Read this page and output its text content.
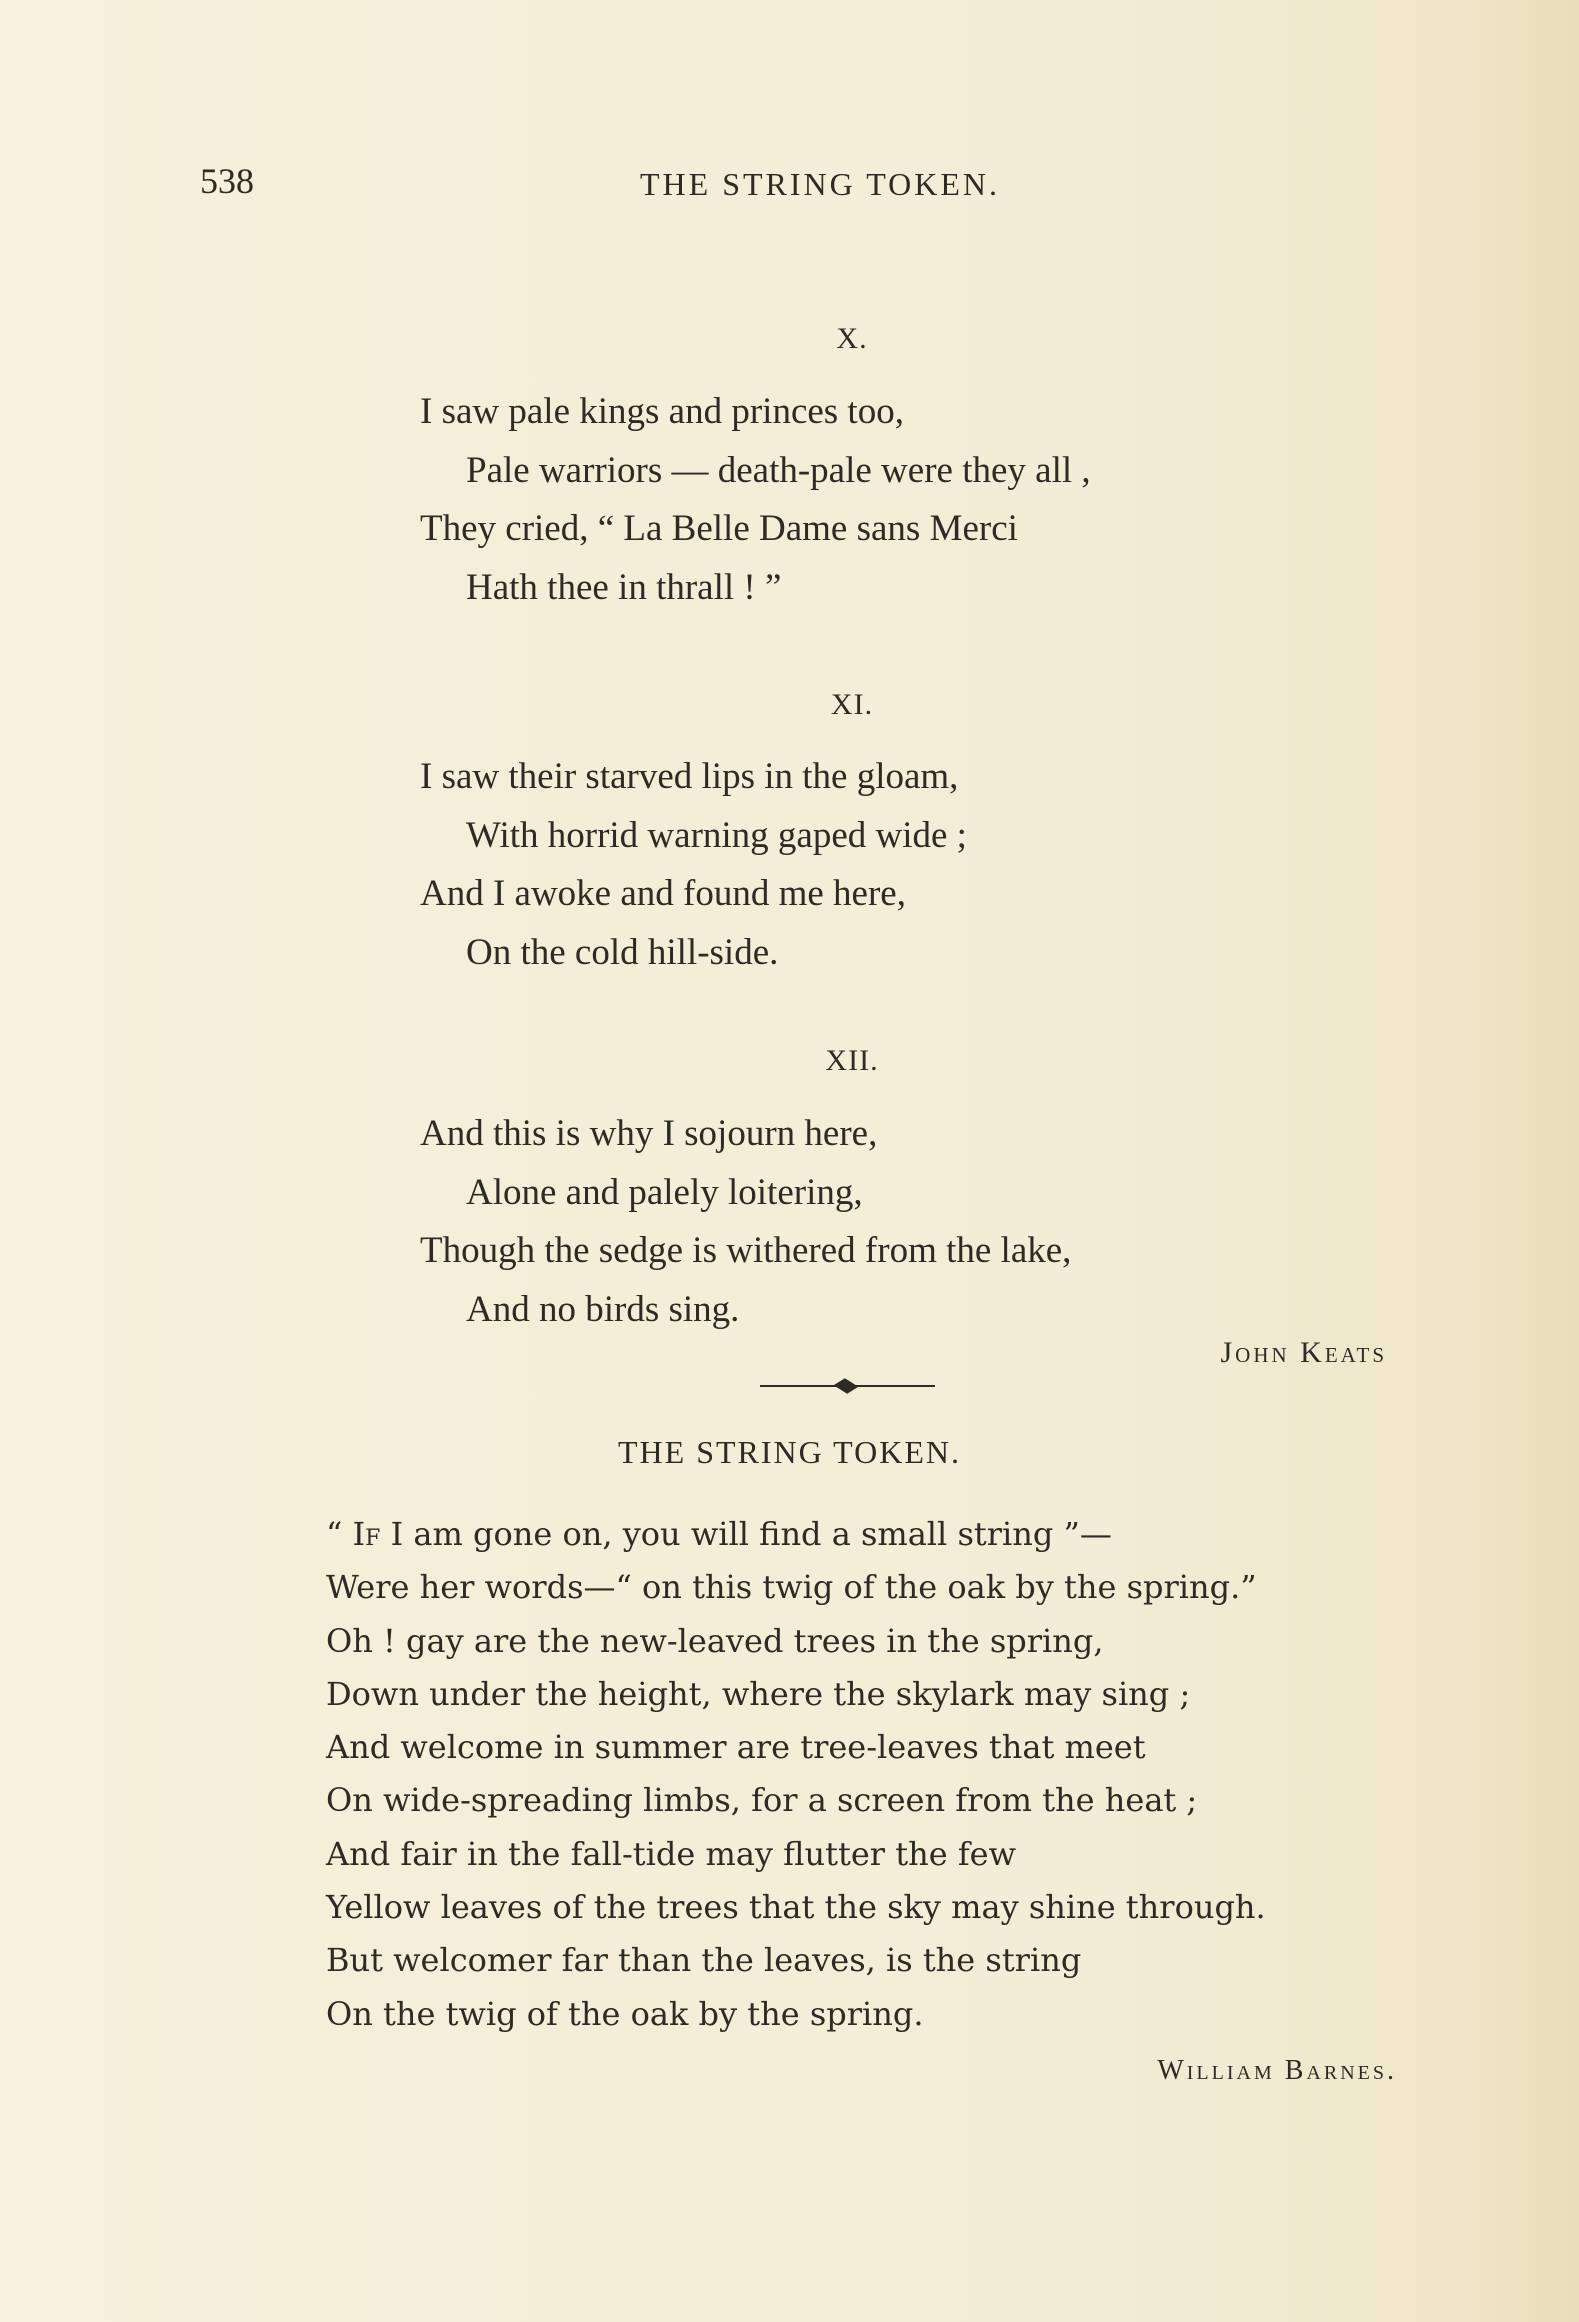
538	THE STRING TOKEN.
X.
I saw pale kings and princes too,
Pale warriors — death-pale were they all ,
They cried, “ La Belle Dame sans Merci
Hath thee in thrall ! ”
XI.
I saw their starved lips in the gloam,
With horrid warning gaped wide ;
And I awoke and found me here,
On the cold hill-side.
XII.
And this is why I sojourn here,
Alone and palely loitering,
Though the sedge is withered from the lake,
And no birds sing.
John Keats
THE STRING TOKEN.
“ If I am gone on, you will find a small string ”—
Were her words—“ on this twig of the oak by the spring.”
Oh ! gay are the new-leaved trees in the spring,
Down under the height, where the skylark may sing ;
And welcome in summer are tree-leaves that meet
On wide-spreading limbs, for a screen from the heat ;
And fair in the fall-tide may flutter the few
Yellow leaves of the trees that the sky may shine through.
But welcomer far than the leaves, is the string
On the twig of the oak by the spring.
William Barnes.
